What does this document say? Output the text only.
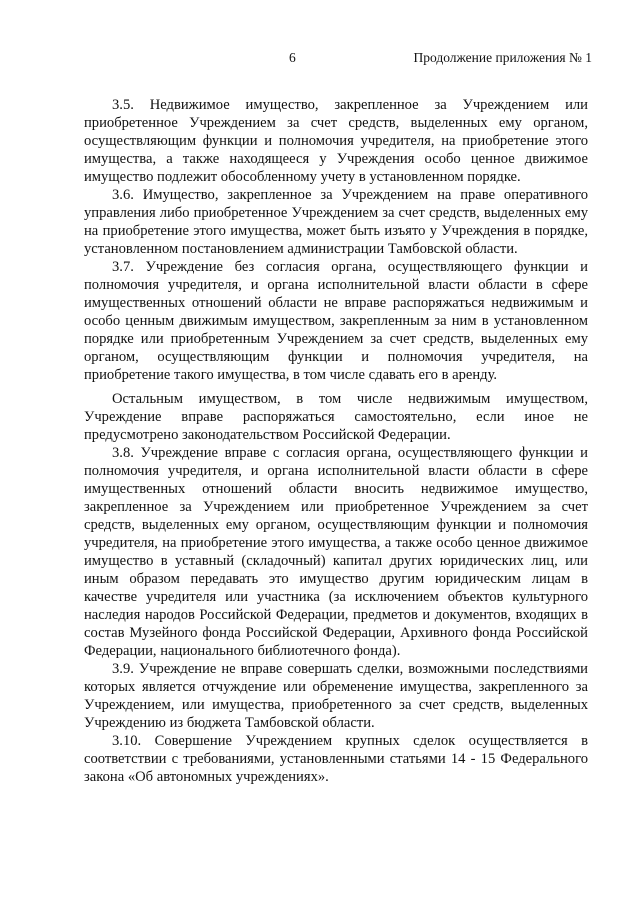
6	Продолжение приложения № 1

3.5. Недвижимое имущество, закрепленное за Учреждением или приобретенное Учреждением за счет средств, выделенных ему органом, осуществляющим функции и полномочия учредителя, на приобретение этого имущества, а также находящееся у Учреждения особо ценное движимое имущество подлежит обособленному учету в установленном порядке.

3.6. Имущество, закрепленное за Учреждением на праве оперативного управления либо приобретенное Учреждением за счет средств, выделенных ему на приобретение этого имущества, может быть изъято у Учреждения в порядке, установленном постановлением администрации Тамбовской области.

3.7. Учреждение без согласия органа, осуществляющего функции и полномочия учредителя, и органа исполнительной власти области в сфере имущественных отношений области не вправе распоряжаться недвижимым и особо ценным движимым имуществом, закрепленным за ним в установленном порядке или приобретенным Учреждением за счет средств, выделенных ему органом, осуществляющим функции и полномочия учредителя, на приобретение такого имущества, в том числе сдавать его в аренду.

Остальным имуществом, в том числе недвижимым имуществом, Учреждение вправе распоряжаться самостоятельно, если иное не предусмотрено законодательством Российской Федерации.

3.8. Учреждение вправе с согласия органа, осуществляющего функции и полномочия учредителя, и органа исполнительной власти области в сфере имущественных отношений области вносить недвижимое имущество, закрепленное за Учреждением или приобретенное Учреждением за счет средств, выделенных ему органом, осуществляющим функции и полномочия учредителя, на приобретение этого имущества, а также особо ценное движимое имущество в уставный (складочный) капитал других юридических лиц, или иным образом передавать это имущество другим юридическим лицам в качестве учредителя или участника (за исключением объектов культурного наследия народов Российской Федерации, предметов и документов, входящих в состав Музейного фонда Российской Федерации, Архивного фонда Российской Федерации, национального библиотечного фонда).

3.9. Учреждение не вправе совершать сделки, возможными последствиями которых является отчуждение или обременение имущества, закрепленного за Учреждением, или имущества, приобретенного за счет средств, выделенных Учреждению из бюджета Тамбовской области.

3.10. Совершение Учреждением крупных сделок осуществляется в соответствии с требованиями, установленными статьями 14 - 15 Федерального закона «Об автономных учреждениях».
